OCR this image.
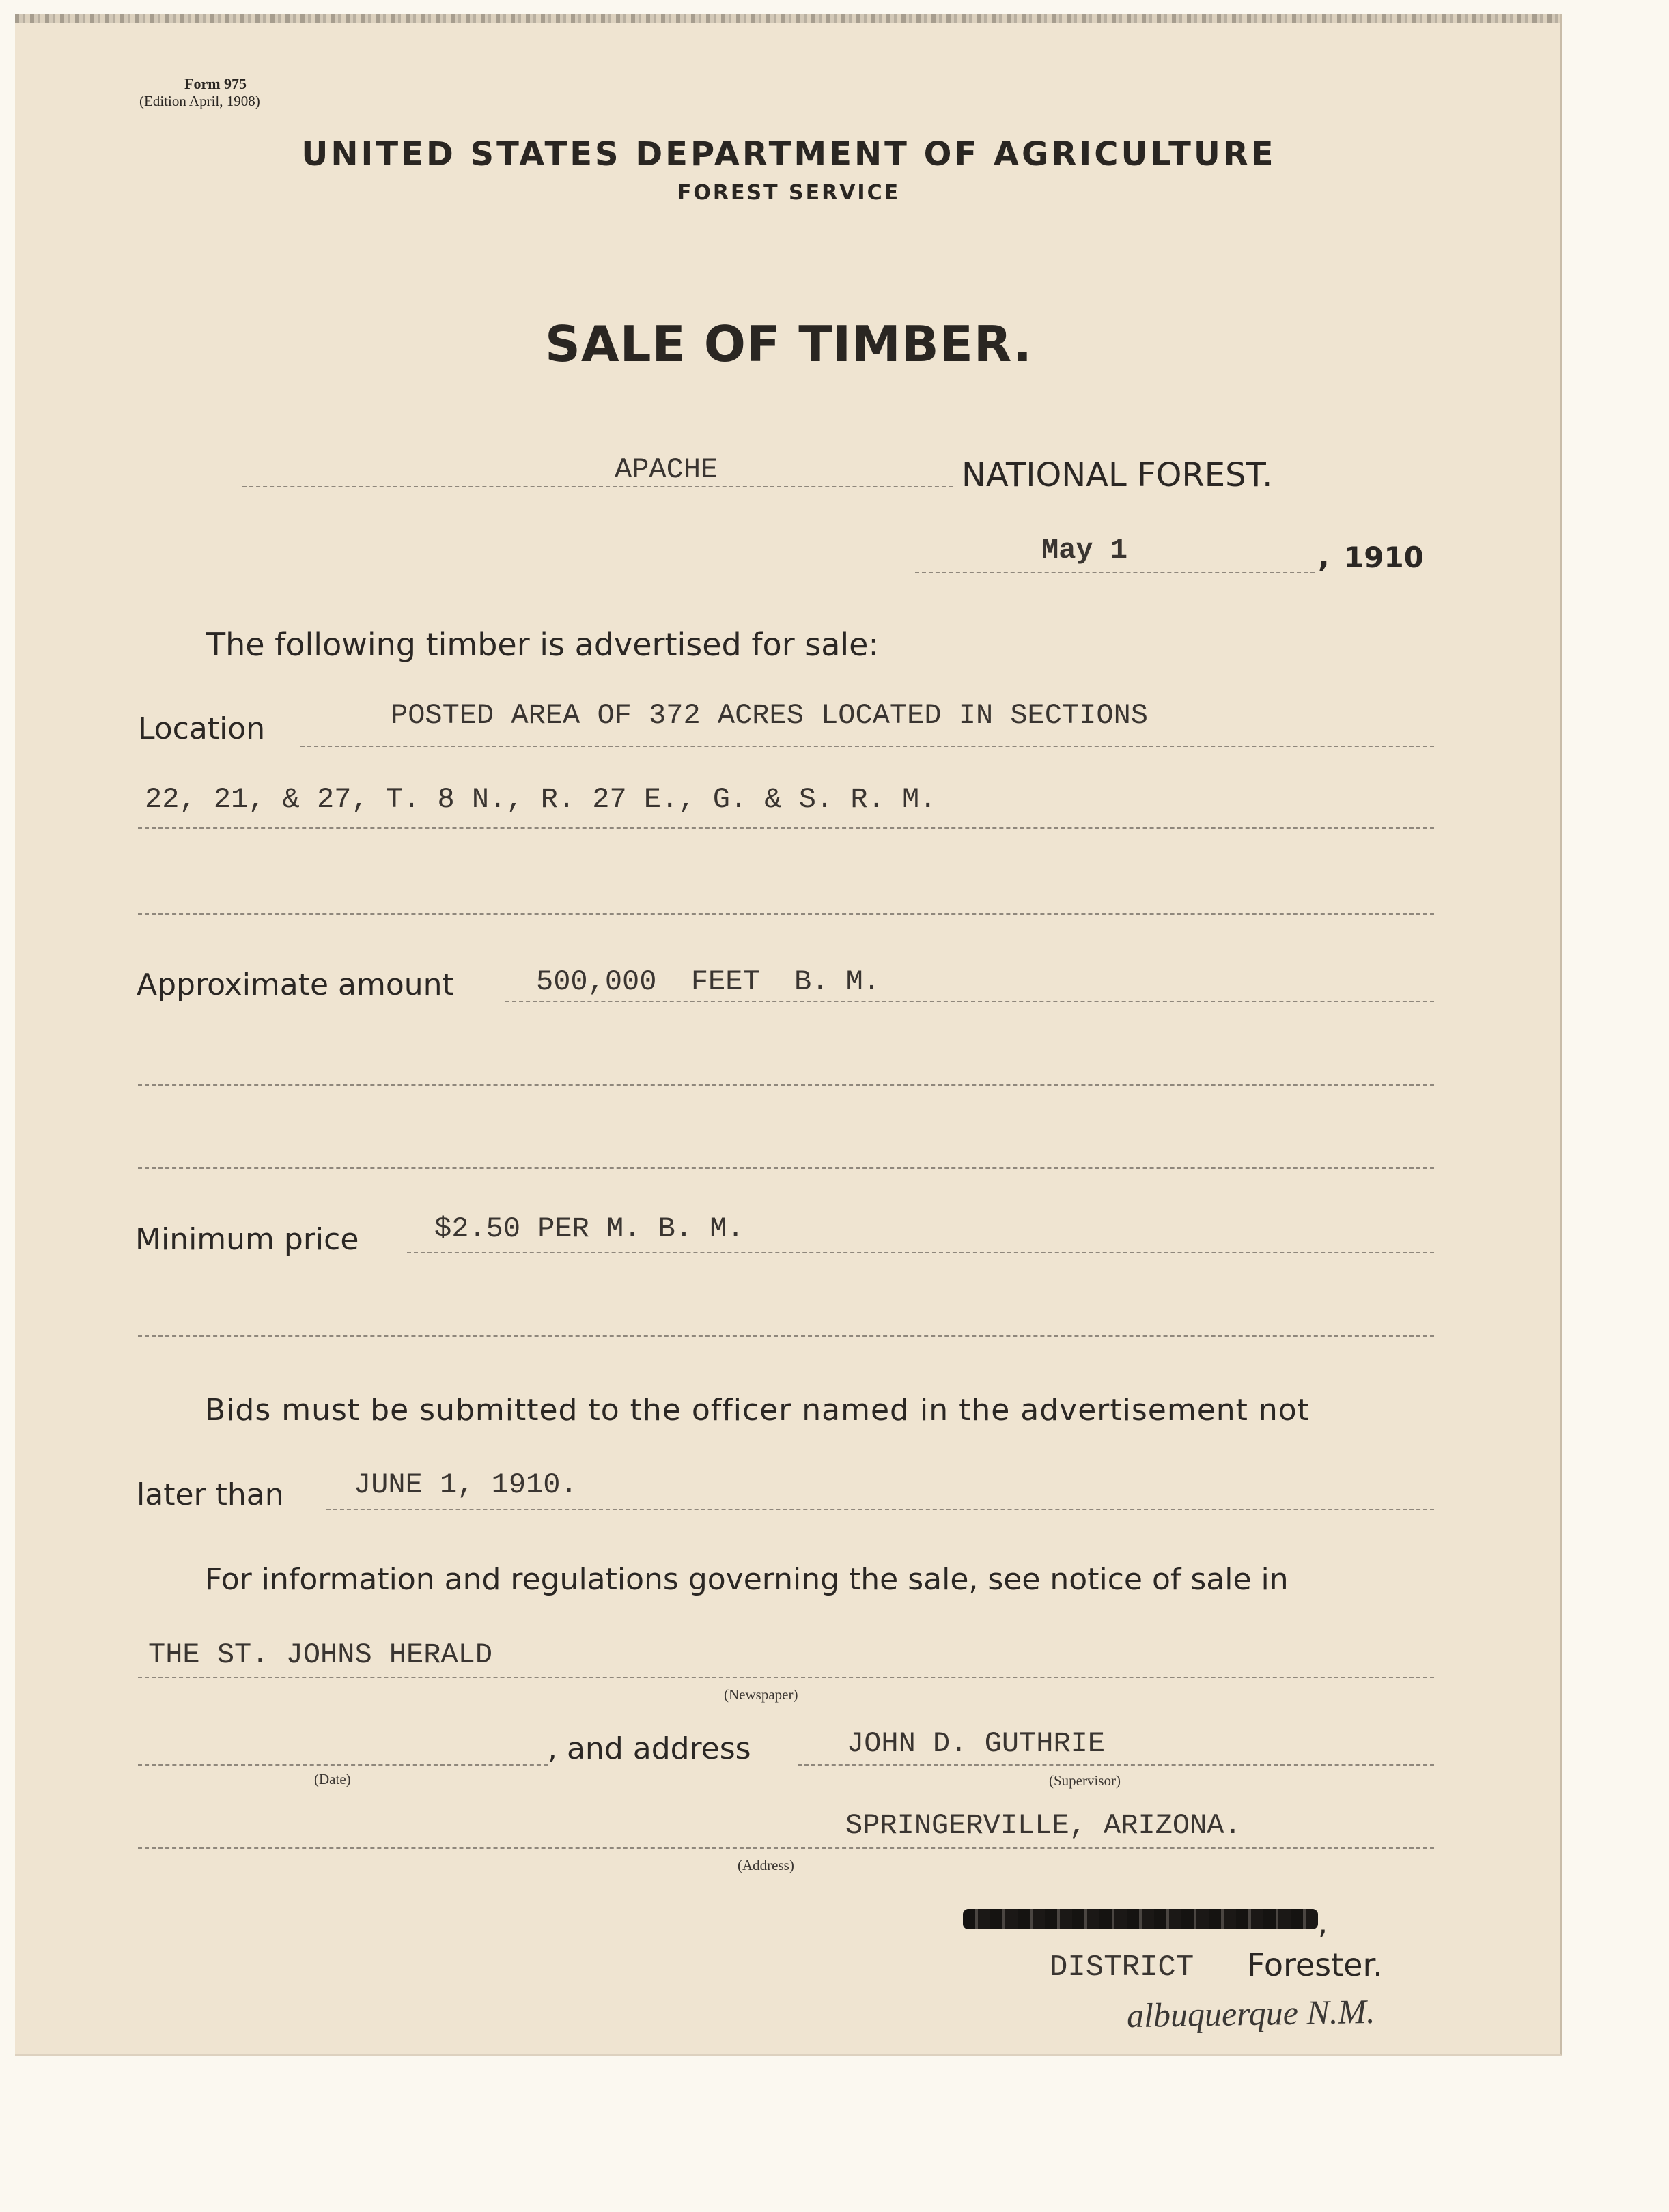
Form 975
(Edition April, 1908)
UNITED STATES DEPARTMENT OF AGRICULTURE
FOREST SERVICE
SALE OF TIMBER.
APACHE	NATIONAL FOREST.
May 1	, 1910
The following timber is advertised for sale:
Location	POSTED AREA OF 372 ACRES LOCATED IN SECTIONS
22, 21, & 27, T. 8 N., R. 27 E., G. & S. R. M.
Approximate amount	500,000  FEET  B. M.
Minimum price	$2.50 PER M. B. M.
Bids must be submitted to the officer named in the advertisement not
later than JUNE 1, 1910.
For information and regulations governing the sale, see notice of sale in
THE ST. JOHNS HERALD
(Newspaper)
, and address	JOHN D. GUTHRIE
(Date)	(Supervisor)
SPRINGERVILLE, ARIZONA.
(Address)
,
DISTRICT Forester.
albuquerque N.M.
